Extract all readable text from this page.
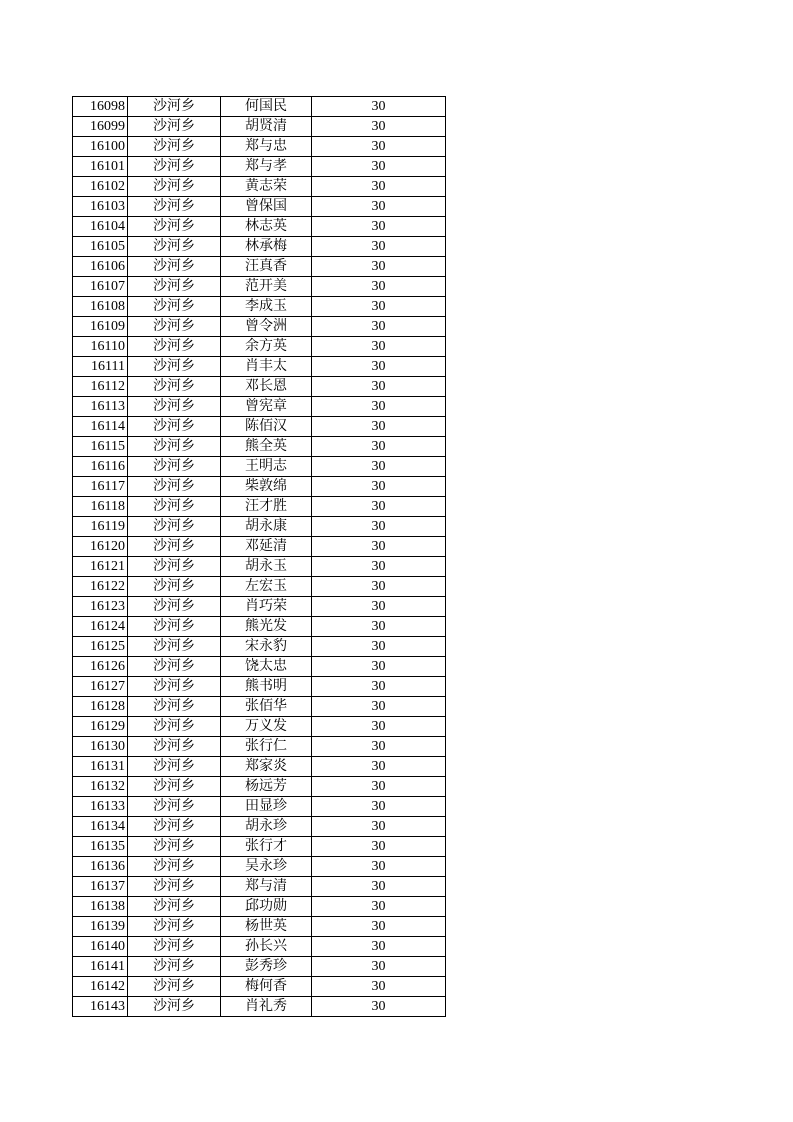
16098	沙河乡	何国民	30
16099	沙河乡	胡贤清	30
16100	沙河乡	郑与忠	30
16101	沙河乡	郑与孝	30
16102	沙河乡	黄志荣	30
16103	沙河乡	曾保国	30
16104	沙河乡	林志英	30
16105	沙河乡	林承梅	30
16106	沙河乡	汪真香	30
16107	沙河乡	范开美	30
16108	沙河乡	李成玉	30
16109	沙河乡	曾令洲	30
16110	沙河乡	余方英	30
16111	沙河乡	肖丰太	30
16112	沙河乡	邓长恩	30
16113	沙河乡	曾宪章	30
16114	沙河乡	陈佰汉	30
16115	沙河乡	熊全英	30
16116	沙河乡	王明志	30
16117	沙河乡	柴敦绵	30
16118	沙河乡	汪才胜	30
16119	沙河乡	胡永康	30
16120	沙河乡	邓延清	30
16121	沙河乡	胡永玉	30
16122	沙河乡	左宏玉	30
16123	沙河乡	肖巧荣	30
16124	沙河乡	熊光发	30
16125	沙河乡	宋永豹	30
16126	沙河乡	饶太忠	30
16127	沙河乡	熊书明	30
16128	沙河乡	张佰华	30
16129	沙河乡	万义发	30
16130	沙河乡	张行仁	30
16131	沙河乡	郑家炎	30
16132	沙河乡	杨远芳	30
16133	沙河乡	田显珍	30
16134	沙河乡	胡永珍	30
16135	沙河乡	张行才	30
16136	沙河乡	吴永珍	30
16137	沙河乡	郑与清	30
16138	沙河乡	邱功勋	30
16139	沙河乡	杨世英	30
16140	沙河乡	孙长兴	30
16141	沙河乡	彭秀珍	30
16142	沙河乡	梅何香	30
16143	沙河乡	肖礼秀	30
